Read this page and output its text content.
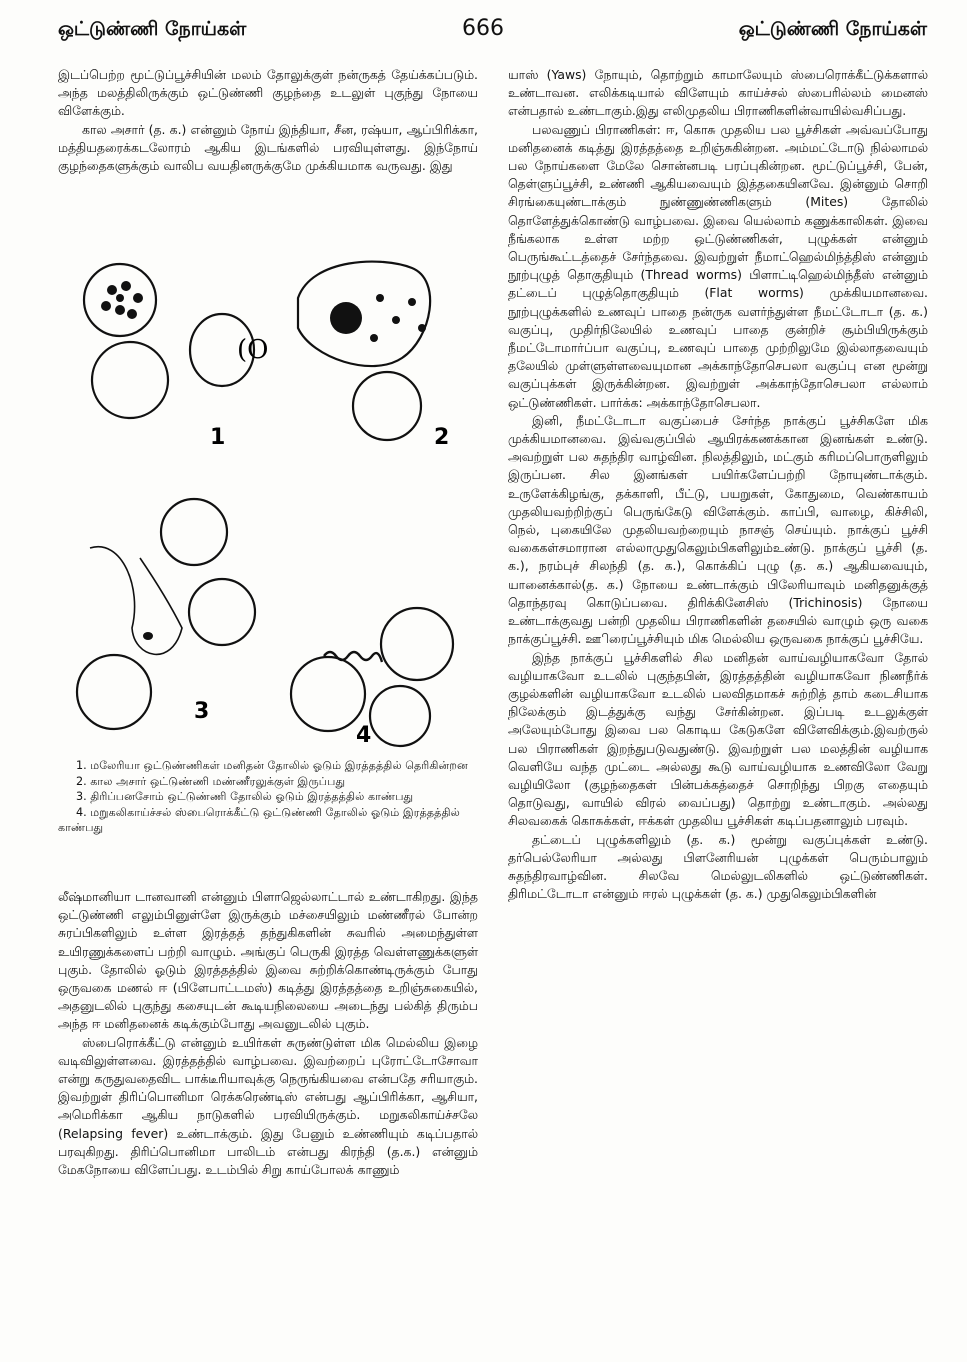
ஒட்டுண்ணி நோய்கள்	666	ஒட்டுண்ணி நோய்கள்

இடப்பெற்ற மூட்டுப்பூச்சியின் மலம் தோலுக்குள் நன்ருகத் தேய்க்கப்படும். அந்த மலத்திலிருக்கும் ஒட்டுண்ணி குழந்தை உடலுள் புகுந்து நோயை விளேக்கும்.

கால அசார் (த. க.) என்னும் நோய் இந்தியா, சீன, ரஷ்யா, ஆப்பிரிக்கா, மத்தியதரைக்கடலோரம் ஆகிய இடங்களில் பரவியுள்ளது. இந்நோய் குழந்தைகளுக்கும் வாலிப வயதினருக்குமே முக்கியமாக வருவது. இது

(O
1	2
3
4
1. மலேரியா ஒட்டுண்ணிகள் மனிதன் தோலில் ஓடும் இரத்தத்தில் தெரிகின்றன
2. கால அசார் ஒட்டுண்ணி மண்ணீரலுக்குள் இருப்பது
3. திரிப்பனசோம் ஒட்டுண்ணி தோலில் ஓடும் இரத்தத்தில் காண்பது
4. மறுகலிகாய்ச்சல் ஸ்பைரொக்கீட்டு ஒட்டுண்ணி தோலில் ஓடும் இரத்தத்தில் காண்பது

லீஷ்மானியா டானவானி என்னும் பிளாஜெல்லாட்டால் உண்டாகிறது. இந்த ஒட்டுண்ணி எலும்பினுள்ளே இருக்கும் மச்சையிலும் மண்ணீரல் போன்ற சுரப்பிகளிலும் உள்ள இரத்தத் தந்துகிகளின் சுவரில் அமைந்துள்ள உயிரணுக்களைப் பற்றி வாழும். அங்குப் பெருகி இரத்த வெள்ளணுக்களுள் புகும். தோலில் ஓடும் இரத்தத்தில் இவை சுற்றிக்கொண்டிருக்கும் போது ஒருவகை மணல் ஈ (பிளேபாட்டமஸ்) கடித்து இரத்தத்தை உறிஞ்சுகையில், அதனுடலில் புகுந்து கசையுடன் கூடியநிலையை அடைந்து பல்கித் திரும்ப அந்த ஈ மனிதனைக் கடிக்கும்போது அவனுடலில் புகும்.

ஸ்பைரொக்கீட்டு என்னும் உயிர்கள் சுருண்டுள்ள மிக மெல்லிய இழை வடிவிலுள்ளவை. இரத்தத்தில் வாழ்பவை. இவற்றைப் புரோட்டோசோவா என்று கருதுவதைவிட பாக்டீரியாவுக்கு நெருங்கியவை என்பதே சரியாகும். இவற்றுள் திரிப்பொனிமா ரெக்கரெண்டிஸ் என்பது ஆப்பிரிக்கா, ஆசியா, அமெரிக்கா ஆகிய நாடுகளில் பரவியிருக்கும். மறுகலிகாய்ச்சலே (Relapsing fever) உண்டாக்கும். இது பேனும் உண்ணியும் கடிப்பதால் பரவுகிறது. திரிப்பொனிமா பாலிடம் என்பது கிரந்தி (த.க.) என்னும் மேகநோயை விளேப்பது. உடம்பில் சிறு காய்போலக் காணும்

யாஸ் (Yaws) நோயும், தொற்றும் காமாலேயும் ஸ்பைரொக்கீட்டுக்களால் உண்டாவன. எலிக்கடியால் விளேயும் காய்ச்சல் ஸ்பைரில்லம் மைனஸ் என்பதால் உண்டாகும்.இது எலிமுதலிய பிராணிகளின்வாயில்வசிப்பது.

பலவணுப் பிராணிகள்: ஈ, கொசு முதலிய பல பூச்சிகள் அவ்வப்போது மனிதனைக் கடித்து இரத்தத்தை உறிஞ்சுகின்றன. அம்மட்டோடு நில்லாமல் பல நோய்களை மேலே சொன்னபடி பரப்புகின்றன. மூட்டுப்பூச்சி, பேன், தெள்ளுப்பூச்சி, உண்ணி ஆகியவையும் இத்தகையினவே. இன்னும் சொறி சிரங்கையுண்டாக்கும் நுண்ணுண்ணிகளும் (Mites) தோலில் தொளேத்துக்கொண்டு வாழ்பவை. இவை யெல்லாம் கணுக்காலிகள். இவை நீங்கலாக உள்ள மற்ற ஒட்டுண்ணிகள், புழுக்கள் என்னும் பெருங்கூட்டத்தைச் சேர்ந்தவை. இவற்றுள் நீமாட்ஹெல்மிந்த்திஸ் என்னும் நூற்புழுத் தொகுதியும் (Thread worms) பிளாட்டிஹெல்மிந்தீஸ் என்னும் தட்டைப் புழுத்தொகுதியும் (Flat worms) முக்கியமானவை. நூற்புழுக்களில் உணவுப் பாதை நன்ருக வளர்ந்துள்ள நீமட்டோடா (த. க.) வகுப்பு, முதிர்நிலேயில் உணவுப் பாதை குன்றிச் சூம்பியிருக்கும் நீமட்டோமார்ப்பா வகுப்பு, உணவுப் பாதை முற்றிலுமே இல்லாதவையும் தலேயில் முள்ளுள்ளவையுமான அக்காந்தோசெபலா வகுப்பு என மூன்று வகுப்புக்கள் இருக்கின்றன. இவற்றுள் அக்காந்தோசெபலா எல்லாம் ஒட்டுண்ணிகள். பார்க்க: அக்காந்தோசெபலா.

இனி, நீமட்டோடா வகுப்பைச் சேர்ந்த நாக்குப் பூச்சிகளே மிக முக்கியமானவை. இவ்வகுப்பில் ஆயிரக்கணக்கான இனங்கள் உண்டு. அவற்றுள் பல சுதந்திர வாழ்வின. நிலத்திலும், மட்கும் கரிமப்பொருளிலும் இருப்பன. சில இனங்கள் பயிர்களேப்பற்றி நோயுண்டாக்கும். உருளேக்கிழங்கு, தக்காளி, பீட்டு, பயறுகள், கோதுமை, வெண்காயம் முதலியவற்றிற்குப் பெருங்கேடு விளேக்கும். காப்பி, வாழை, கிச்சிலி, நெல், புகையிலே முதலியவற்றையும் நாசஞ் செய்யும். நாக்குப் பூச்சி வகைகள்சமாரான எல்லாமுதுகெலும்பிகளிலும்உண்டு. நாக்குப் பூச்சி (த. க.), நரம்புச் சிலந்தி (த. க.), கொக்கிப் புழு (த. க.) ஆகியவையும், யானைக்கால்(த. க.) நோயை உண்டாக்கும் பிலேரியாவும் மனிதனுக்குத் தொந்தரவு கொடுப்பவை. திரிக்கினேசிஸ் (Trichinosis) நோயை உண்டாக்குவது பன்றி முதலிய பிராணிகளின் தசையில் வாழும் ஒரு வகை நாக்குப்பூச்சி. ஊிரைப்பூச்சியும் மிக மெல்லிய ஒருவகை நாக்குப் பூச்சியே.

இந்த நாக்குப் பூச்சிகளில் சில மனிதன் வாய்வழியாகவோ தோல் வழியாகவோ உடலில் புகுந்தபின், இரத்தத்தின் வழியாகவோ நிணநீர்க் குழல்களின் வழியாகவோ உடலில் பலவிதமாகச் சுற்றித் தாம் கடைசியாக நிலேக்கும் இடத்துக்கு வந்து சேர்கின்றன. இப்படி உடலுக்குள் அலேயும்போது இவை பல கொடிய கேடுகளே விளேவிக்கும்.இவற்ருல் பல பிராணிகள் இறந்துபடுவதுண்டு. இவற்றுள் பல மலத்தின் வழியாக வெளியே வந்த முட்டை அல்லது கூடு வாய்வழியாக உணவிலோ வேறு வழியிலோ (குழந்தைகள் பின்பக்கத்தைச் சொறிந்து பிறகு எதையும் தொடுவது, வாயில் விரல் வைப்பது) தொற்று உண்டாகும். அல்லது சிலவகைக் கொசுக்கள், ஈக்கள் முதலிய பூச்சிகள் கடிப்பதனாலும் பரவும்.

தட்டைப் புழுக்களிலும் (த. க.) மூன்று வகுப்புக்கள் உண்டு. தர்பெல்லேரியா அல்லது பிளனேரியன் புழுக்கள் பெரும்பாலும் சுதந்திரவாழ்வின. சிலவே மெல்லுடலிகளில் ஒட்டுண்ணிகள். திரிமட்டோடா என்னும் ஈரல் புழுக்கள் (த. க.) முதுகெலும்பிகளின்
